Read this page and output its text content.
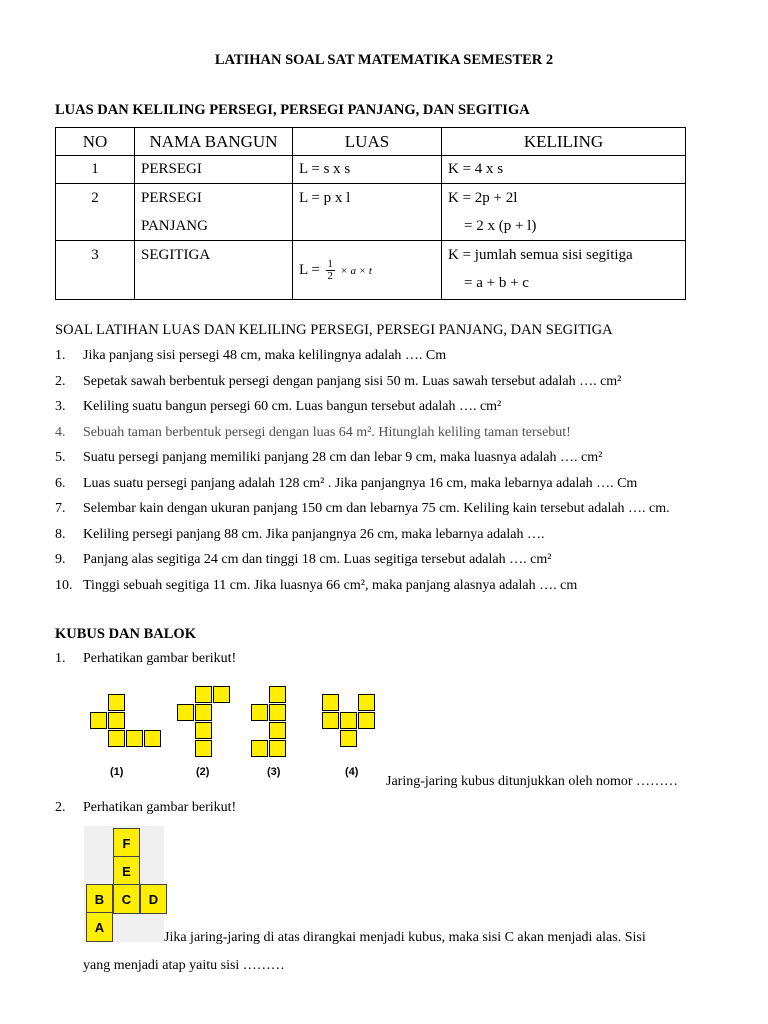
LATIHAN SOAL SAT MATEMATIKA SEMESTER 2
LUAS DAN KELILING PERSEGI, PERSEGI PANJANG, DAN SEGITIGA
NO	NAMA BANGUN	LUAS	KELILING
1	PERSEGI	L = s x s	K = 4 x s
2	PERSEGI
PANJANG	L = p x l	K = 2p + 2l
= 2 x (p + l)

3	SEGITIGA	$L = \frac{1}{2} \times a \times t$	K = jumlah semua sisi segitiga
= a + b + c
SOAL LATIHAN LUAS DAN KELILING PERSEGI, PERSEGI PANJANG, DAN SEGITIGA
1.	Jika panjang sisi persegi 48 cm, maka kelilingnya adalah …. Cm
2.	Sepetak sawah berbentuk persegi dengan panjang sisi 50 m. Luas sawah tersebut adalah …. cm²
3.	Keliling suatu bangun persegi 60 cm. Luas bangun tersebut adalah …. cm²
4.	Sebuah taman berbentuk persegi dengan luas 64 m². Hitunglah keliling taman tersebut!
5.	Suatu persegi panjang memiliki panjang 28 cm dan lebar 9 cm, maka luasnya adalah …. cm²
6.	Luas suatu persegi panjang adalah 128 cm² . Jika panjangnya 16 cm, maka lebarnya adalah …. Cm
7.	Selembar kain dengan ukuran panjang 150 cm dan lebarnya 75 cm. Keliling kain tersebut adalah …. cm.
8.	Keliling persegi panjang 88 cm. Jika panjangnya 26 cm, maka lebarnya adalah ….
9.	Panjang alas segitiga 24 cm dan tinggi 18 cm. Luas segitiga tersebut adalah …. cm²
10. Tinggi sebuah segitiga 11 cm. Jika luasnya 66 cm², maka panjang alasnya adalah …. cm
KUBUS DAN BALOK
1. Perhatikan gambar berikut!
(1)	(2)	(3)	(4)
Jaring-jaring kubus ditunjukkan oleh nomor ………
2. Perhatikan gambar berikut!
F
E
B	C	D
A
Jika jaring-jaring di atas dirangkai menjadi kubus, maka sisi C akan menjadi alas. Sisi
yang menjadi atap yaitu sisi ………
